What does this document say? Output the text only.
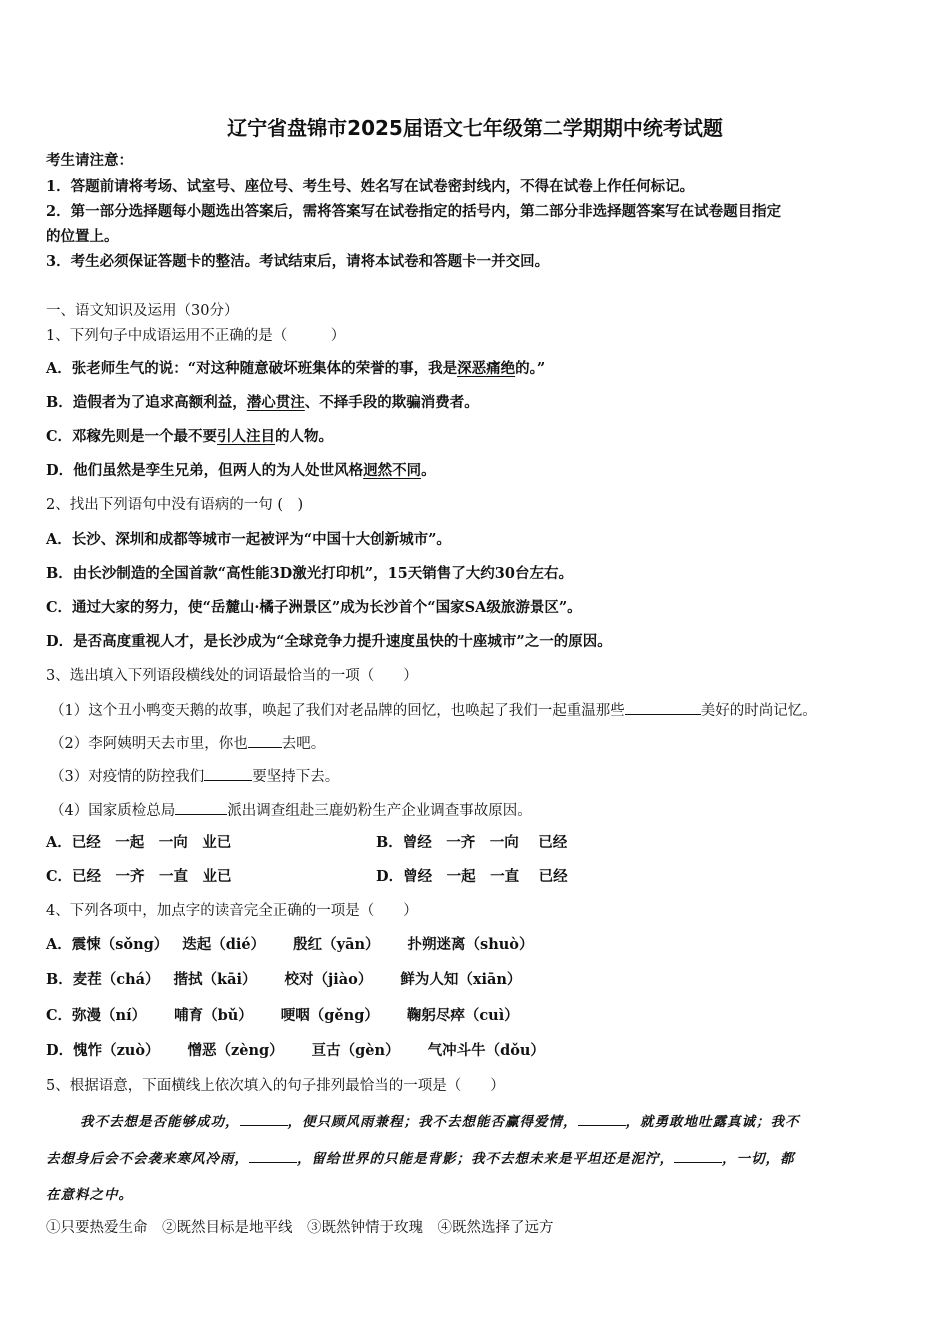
辽宁省盘锦市2025届语文七年级第二学期期中统考试题
考生请注意：
1．答题前请将考场、试室号、座位号、考生号、姓名写在试卷密封线内，不得在试卷上作任何标记。
2．第一部分选择题每小题选出答案后，需将答案写在试卷指定的括号内，第二部分非选择题答案写在试卷题目指定
的位置上。
3．考生必须保证答题卡的整洁。考试结束后，请将本试卷和答题卡一并交回。
一、语文知识及运用（30分）
1、下列句子中成语运用不正确的是（　　　）
A．张老师生气的说：“对这种随意破坏班集体的荣誉的事，我是深恶痛绝的。”
B．造假者为了追求高额利益，潜心贯注、不择手段的欺骗消费者。
C．邓稼先则是一个最不要引人注目的人物。
D．他们虽然是孪生兄弟，但两人的为人处世风格迥然不同。
2、找出下列语句中没有语病的一句 (　)
A．长沙、深圳和成都等城市一起被评为“中国十大创新城市”。
B．由长沙制造的全国首款“高性能3D激光打印机”，15天销售了大约30台左右。
C．通过大家的努力，使“岳麓山·橘子洲景区”成为长沙首个“国家SA级旅游景区”。
D．是否高度重视人才，是长沙成为“全球竞争力提升速度虽快的十座城市”之一的原因。
3、选出填入下列语段横线处的词语最恰当的一项（　　）
（1）这个丑小鸭变天鹅的故事，唤起了我们对老品牌的回忆，也唤起了我们一起重温那些	美好的时尚记忆。
（2）李阿姨明天去市里，你也 去吧。
（3）对疫情的防控我们	要坚持下去。
（4）国家质检总局	派出调查组赴三鹿奶粉生产企业调查事故原因。
A．已经　一起　一向　业已	B．曾经　一齐　一向　 已经
C．已经　一齐　一直　业已	D．曾经　一起　一直　 已经
4、下列各项中，加点字的读音完全正确的一项是（　　）
A．震悚（sǒng） 迭起（dié） 殷红（yān） 扑朔迷离（shuò）
B．麦茬（chá） 揩拭（kāi） 校对（jiào） 鲜为人知（xiān）
C．弥漫（ní） 哺育（bǔ） 哽咽（gěng） 鞠躬尽瘁（cuì）
D．愧怍（zuò） 憎恶（zèng） 亘古（gèn） 气冲斗牛（dǒu）
5、根据语意，下面横线上依次填入的句子排列最恰当的一项是（　　）
我不去想是否能够成功，	，便只顾风雨兼程；我不去想能否赢得爱情，	，就勇敢地吐露真诚；我不
去想身后会不会袭来寒风冷雨，	，留给世界的只能是背影；我不去想未来是平坦还是泥泞，	，一切，都
在意料之中。
①只要热爱生命　②既然目标是地平线　③既然钟情于玫瑰　④既然选择了远方
